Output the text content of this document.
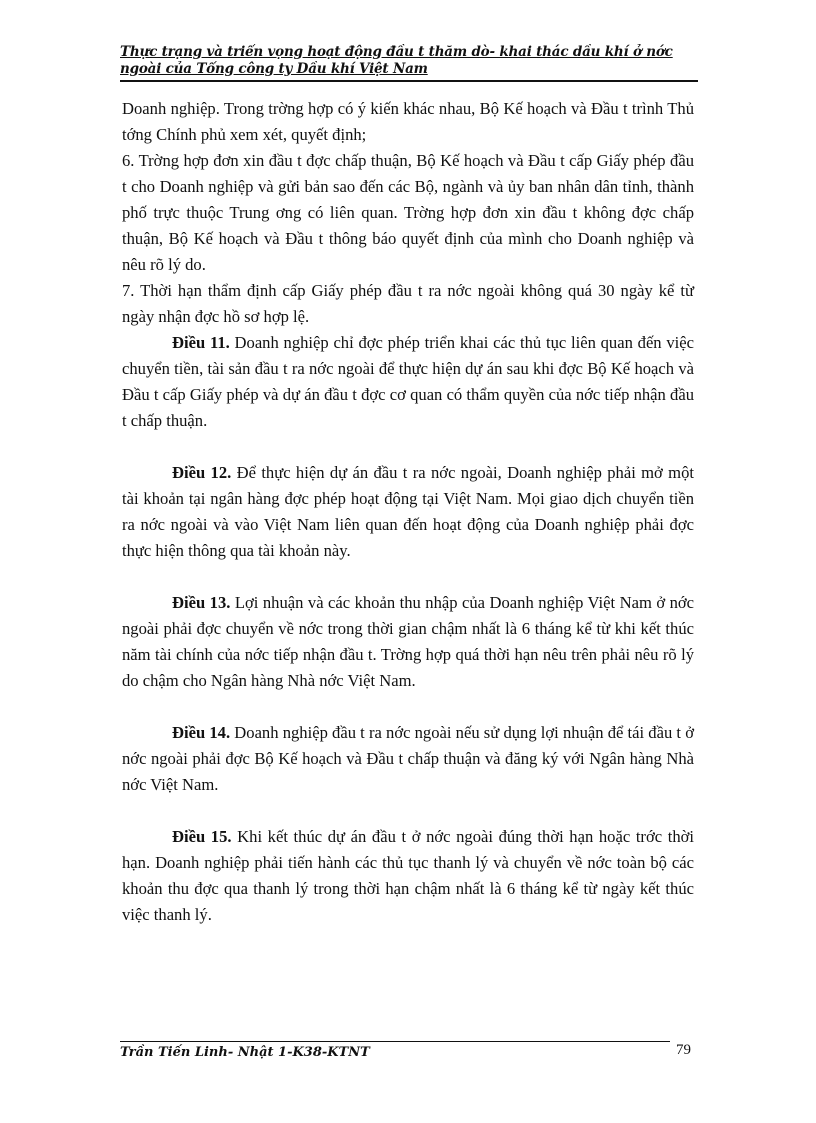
Thực trạng và triển vọng hoạt động đầu t thăm dò- khai thác dầu khí ở nớc
ngoài của Tổng công ty Dầu khí Việt Nam

Doanh nghiệp. Trong trờng hợp có ý kiến khác nhau, Bộ Kế hoạch và Đầu t trình Thủ tớng Chính phủ xem xét, quyết định;

6. Trờng hợp đơn xin đầu t đợc chấp thuận, Bộ Kế hoạch và Đầu t cấp Giấy phép đầu t cho Doanh nghiệp và gửi bản sao đến các Bộ, ngành và ủy ban nhân dân tỉnh, thành phố trực thuộc Trung ơng có liên quan. Trờng hợp đơn xin đầu t không đợc chấp thuận, Bộ Kế hoạch và Đầu t thông báo quyết định của mình cho Doanh nghiệp và nêu rõ lý do.

7. Thời hạn thẩm định cấp Giấy phép đầu t ra nớc ngoài không quá 30 ngày kể từ ngày nhận đợc hồ sơ hợp lệ.

Điều 11. Doanh nghiệp chỉ đợc phép triển khai các thủ tục liên quan đến việc chuyển tiền, tài sản đầu t ra nớc ngoài để thực hiện dự án sau khi đợc Bộ Kế hoạch và Đầu t cấp Giấy phép và dự án đầu t đợc cơ quan có thẩm quyền của nớc tiếp nhận đầu t chấp thuận.

Điều 12. Để thực hiện dự án đầu t ra nớc ngoài, Doanh nghiệp phải mở một tài khoản tại ngân hàng đợc phép hoạt động tại Việt Nam. Mọi giao dịch chuyển tiền ra nớc ngoài và vào Việt Nam liên quan đến hoạt động của Doanh nghiệp phải đợc thực hiện thông qua tài khoản này.

Điều 13. Lợi nhuận và các khoản thu nhập của Doanh nghiệp Việt Nam ở nớc ngoài phải đợc chuyển về nớc trong thời gian chậm nhất là 6 tháng kể từ khi kết thúc năm tài chính của nớc tiếp nhận đầu t. Trờng hợp quá thời hạn nêu trên phải nêu rõ lý do chậm cho Ngân hàng Nhà nớc Việt Nam.

Điều 14. Doanh nghiệp đầu t ra nớc ngoài nếu sử dụng lợi nhuận để tái đầu t ở nớc ngoài phải đợc Bộ Kế hoạch và Đầu t chấp thuận và đăng ký với Ngân hàng Nhà nớc Việt Nam.

Điều 15. Khi kết thúc dự án đầu t ở nớc ngoài đúng thời hạn hoặc trớc thời hạn. Doanh nghiệp phải tiến hành các thủ tục thanh lý và chuyển về nớc toàn bộ các khoản thu đợc qua thanh lý trong thời hạn chậm nhất là 6 tháng kể từ ngày kết thúc việc thanh lý.

Trần Tiến Linh- Nhật 1-K38-KTNT	79
